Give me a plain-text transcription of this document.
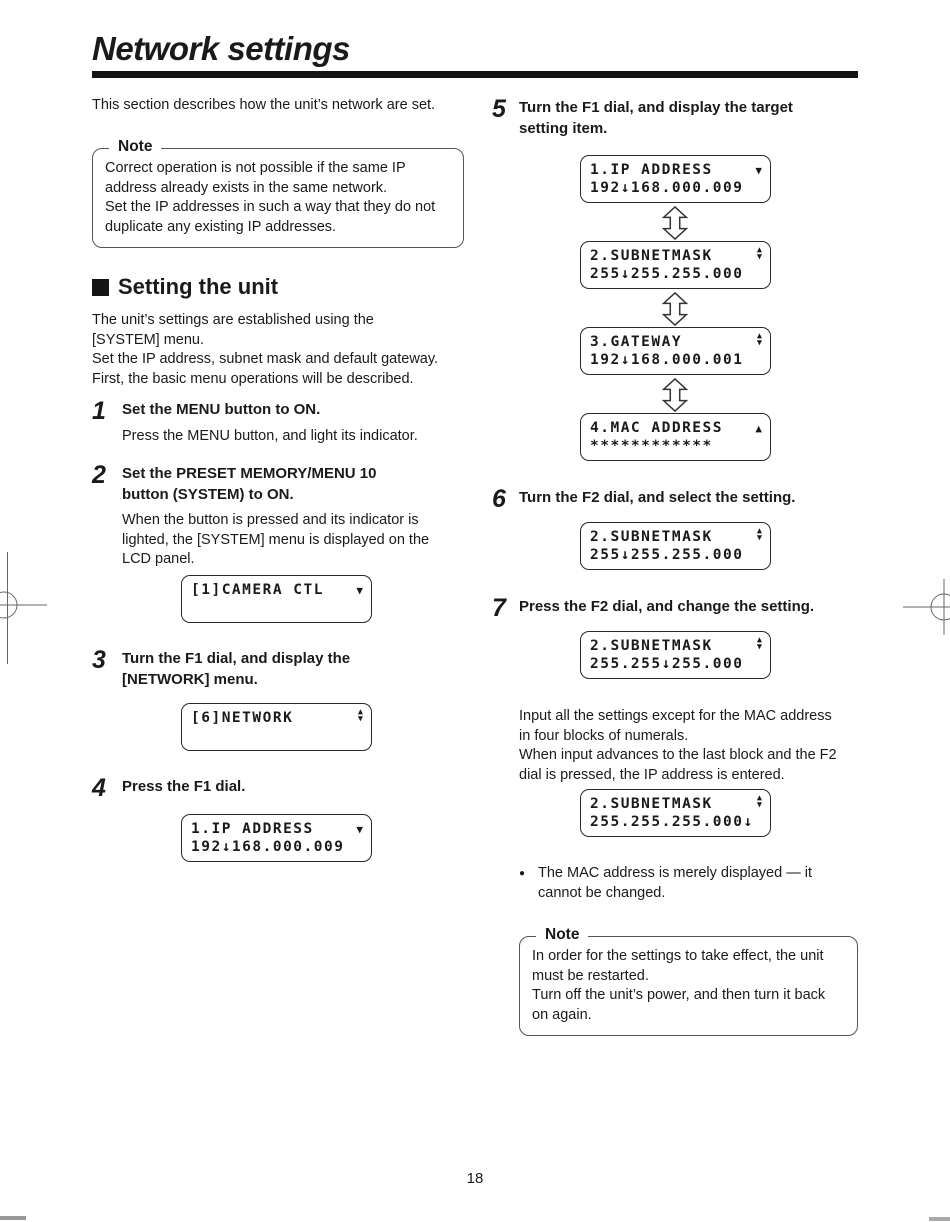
Network settings
This section describes how the unit’s network are set.
Note
Correct operation is not possible if the same IP
address already exists in the same network.
Set the IP addresses in such a way that they do not
duplicate any existing IP addresses.
Setting the unit
The unit’s settings are established using the
[SYSTEM] menu.
Set the IP address, subnet mask and default gateway.
First, the basic menu operations will be described.
1	Set the MENU button to ON.
Press the MENU button, and light its indicator.
2	Set the PRESET MEMORY/MENU 10
button (SYSTEM) to ON.
When the button is pressed and its indicator is
lighted, the [SYSTEM] menu is displayed on the
LCD panel.
[1]CAMERA CTL
▼
3	Turn the F1 dial, and display the
[NETWORK] menu.
[6]NETWORK
▲ ▼
4	Press the F1 dial.
1.IP ADDRESS
▼
192↓168.000.009
5 Turn the F1 dial, and display the target
setting item.
1.IP ADDRESS
▼
192↓168.000.009
2.SUBNETMASK
▲ ▼
255↓255.255.000
3.GATEWAY
▲ ▼
192↓168.000.001
4.MAC ADDRESS
▲
************
6 Turn the F2 dial, and select the setting.
2.SUBNETMASK
▲ ▼
255↓255.255.000
7 Press the F2 dial, and change the setting.
2.SUBNETMASK
▲ ▼
255.255↓255.000
Input all the settings except for the MAC address
in four blocks of numerals.
When input advances to the last block and the F2
dial is pressed, the IP address is entered.
2.SUBNETMASK
▲ ▼
255.255.255.000↓
● The MAC address is merely displayed — it
cannot be changed.
Note
In order for the settings to take effect, the unit
must be restarted.
Turn off the unit’s power, and then turn it back
on again.
18
